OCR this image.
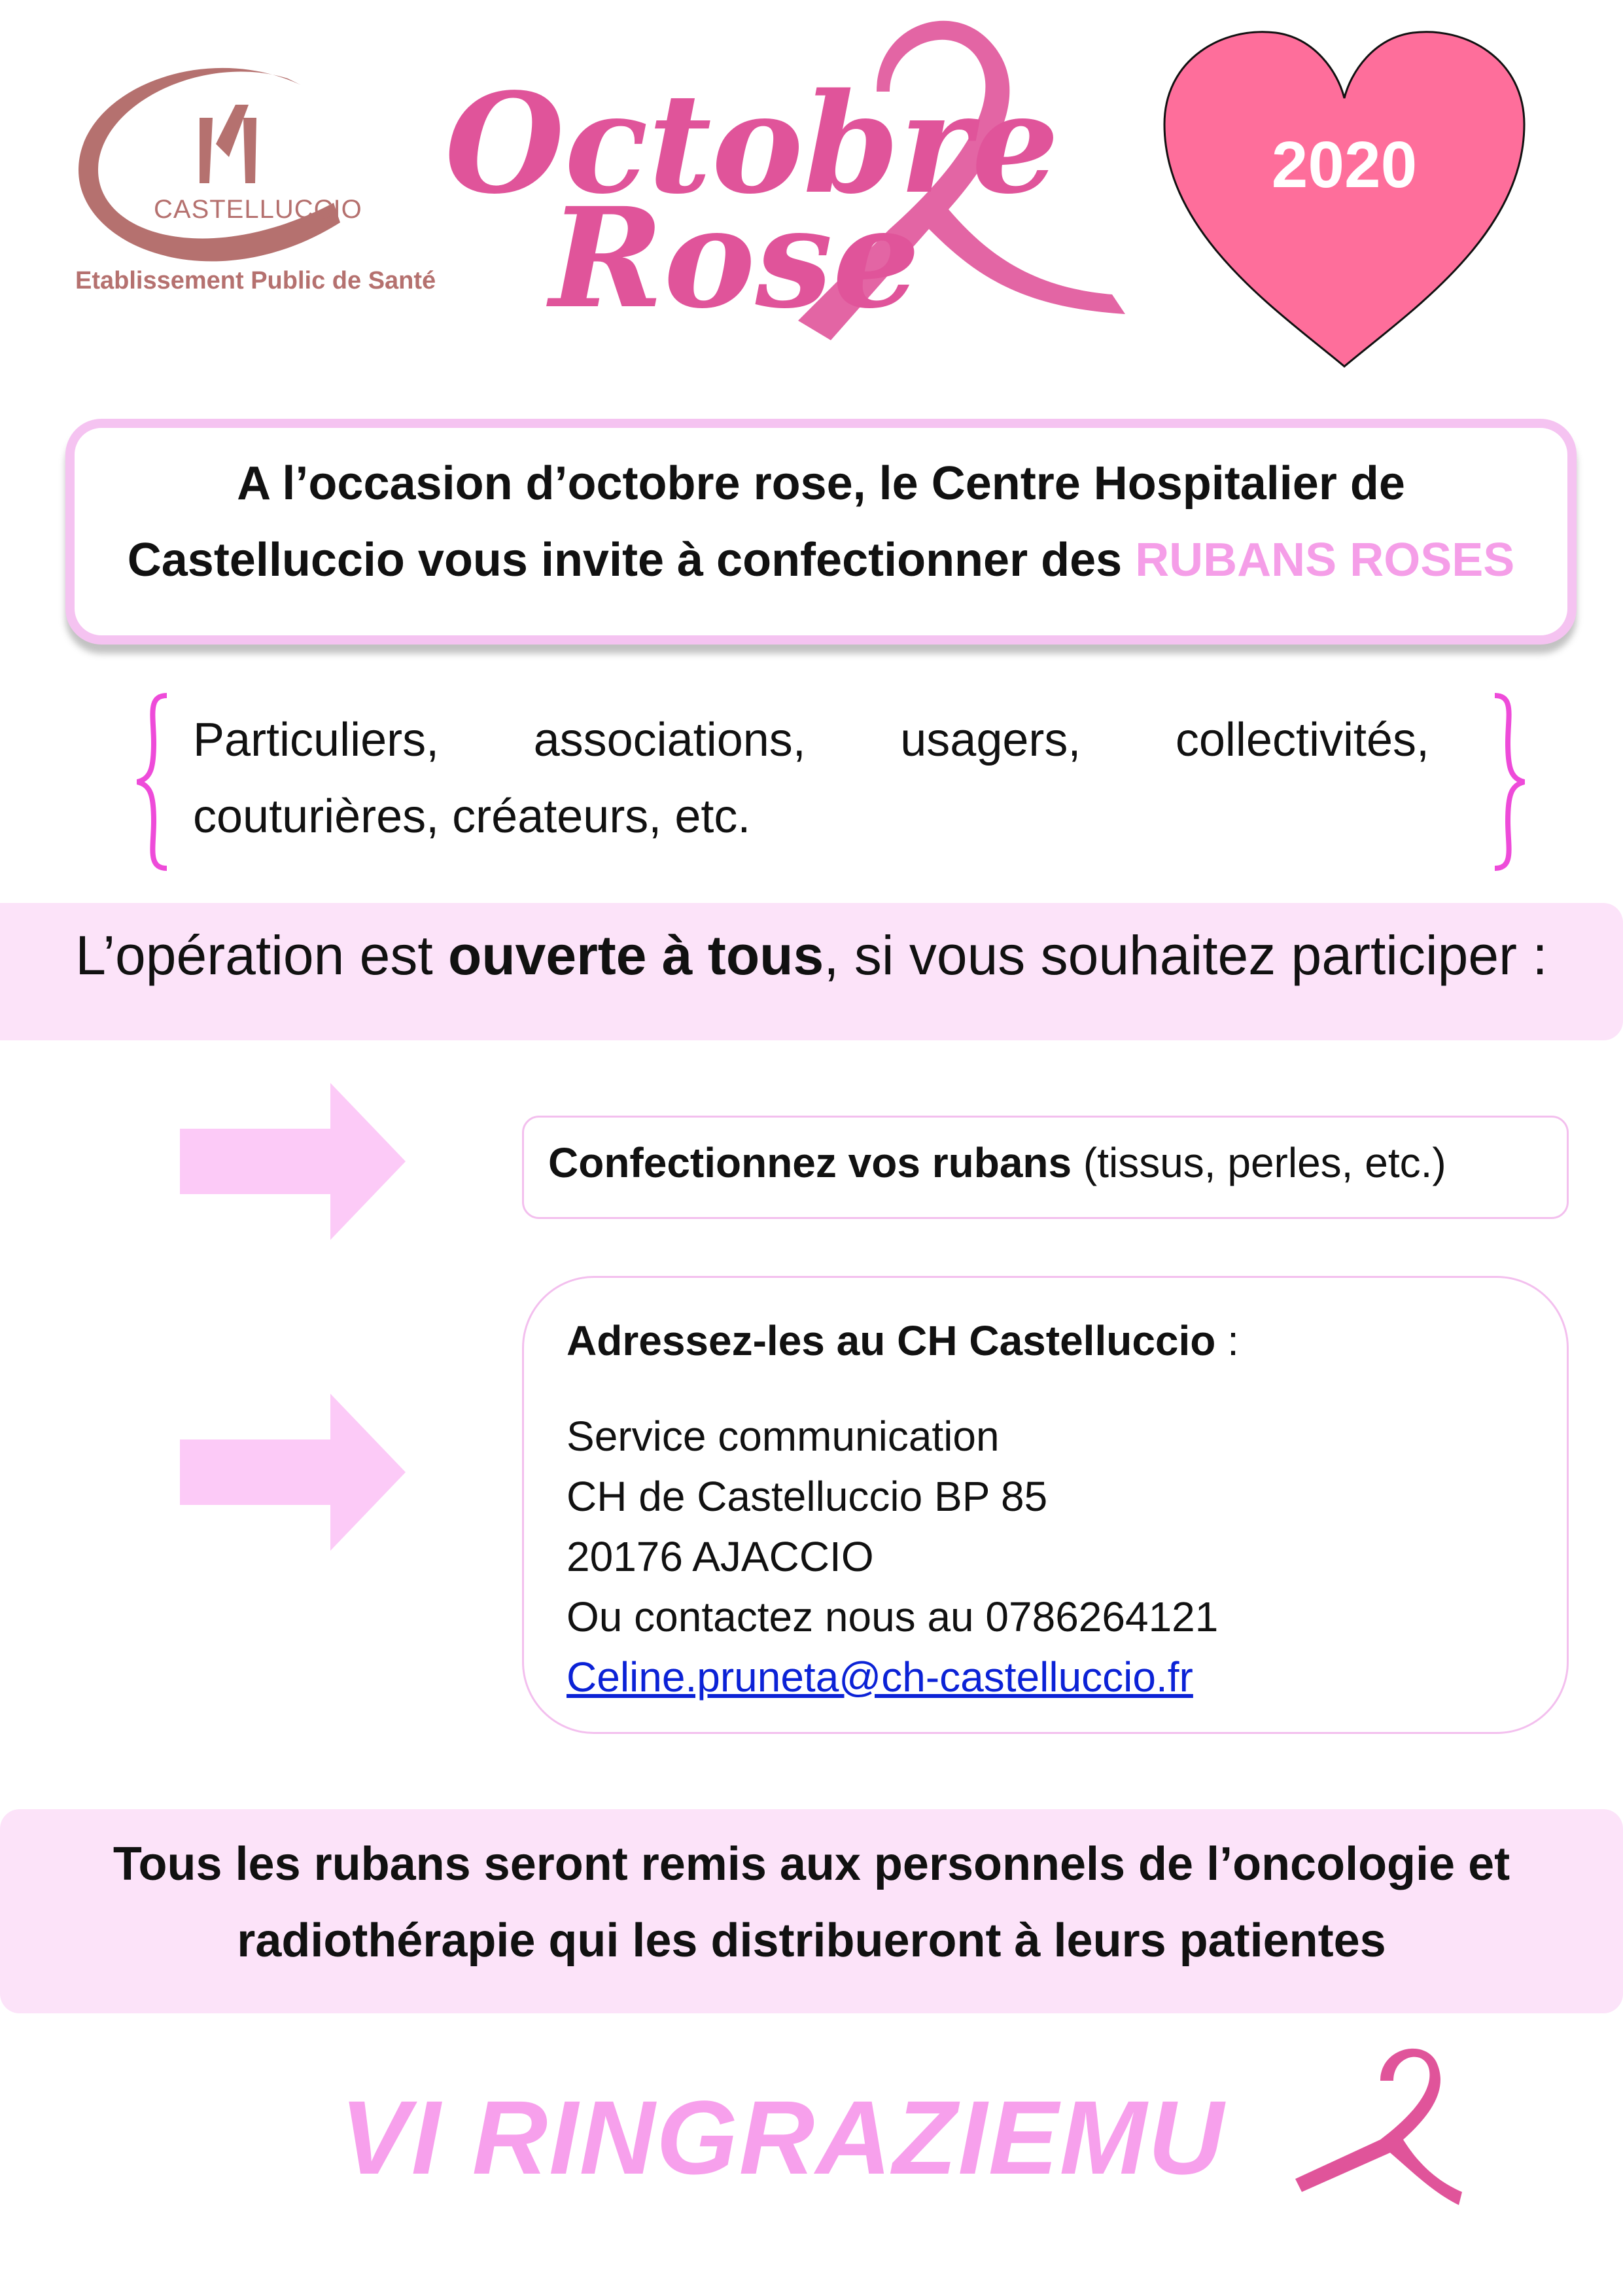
CASTELLUCCIO
Etablissement Public de Santé
Octobre
Rose
2020
A l’occasion d’octobre rose, le Centre Hospitalier de
Castelluccio vous invite à confectionner des RUBANS ROSES
Particuliers, associations, usagers, collectivités,
couturières, créateurs, etc.
L’opération est ouverte à tous, si vous souhaitez participer :
Confectionnez vos rubans (tissus, perles, etc.)
Adressez-les au CH Castelluccio :
Service communication
CH de Castelluccio BP 85
20176 AJACCIO
Ou contactez nous au 0786264121
Celine.pruneta@ch-castelluccio.fr
Tous les rubans seront remis aux personnels de l’oncologie et
radiothérapie qui les distribueront à leurs patientes
VI RINGRAZIEMU
